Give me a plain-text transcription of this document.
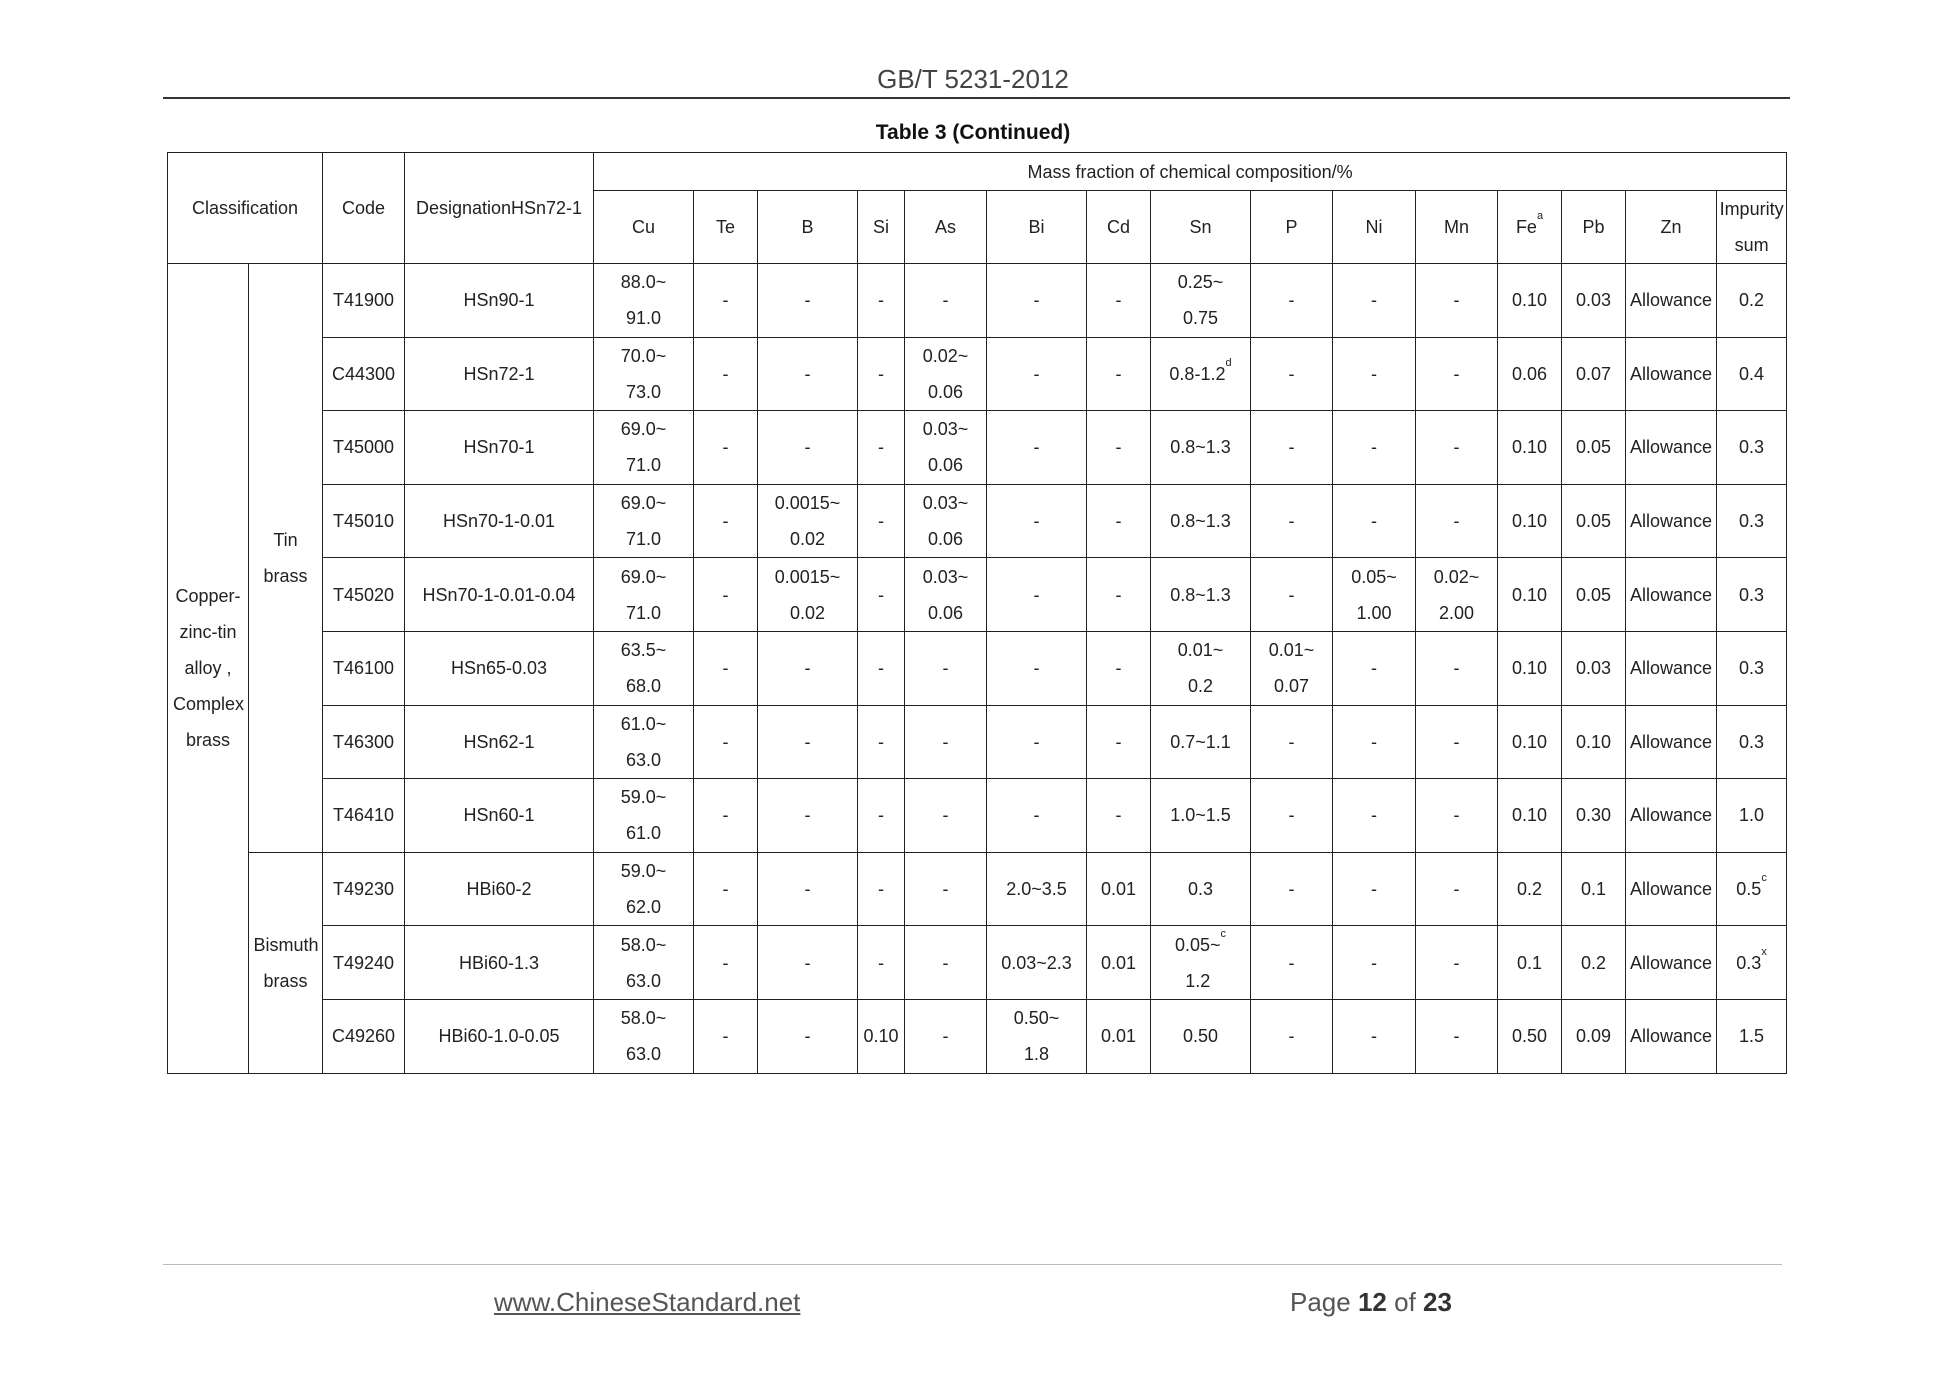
GB/T 5231-2012
Table 3 (Continued)
Classification		Code	DesignationHSn72-1	Mass fraction of chemical composition/%														
				Cu	Te	B	Si	As	Bi	Cd	Sn	P	Ni	Mn	Fe$^a$	Pb	Zn	Impurity sum
Copper-zinc-tin alloy , Complex brass	Tin brass	T41900	HSn90-1	88.0~
91.0	-	-	-	-	-	-	0.25~
0.75	-	-	-	0.10	0.03	Allowance	0.2
		C44300	HSn72-1	70.0~
73.0	-	-	-	0.02~
0.06	-	-	0.8-1.2$^d$	-	-	-	0.06	0.07	Allowance	0.4
		T45000	HSn70-1	69.0~
71.0	-	-	-	0.03~
0.06	-	-	0.8~1.3	-	-	-	0.10	0.05	Allowance	0.3
		T45010	HSn70-1-0.01	69.0~
71.0	-	0.0015~
0.02	-	0.03~
0.06	-	-	0.8~1.3	-	-	-	0.10	0.05	Allowance	0.3
		T45020	HSn70-1-0.01-0.04	69.0~
71.0	-	0.0015~
0.02	-	0.03~
0.06	-	-	0.8~1.3	-	0.05~
1.00	0.02~
2.00	0.10	0.05	Allowance	0.3
		T46100	HSn65-0.03	63.5~
68.0	-	-	-	-	-	-	0.01~
0.2	0.01~
0.07	-	-	0.10	0.03	Allowance	0.3
		T46300	HSn62-1	61.0~
63.0	-	-	-	-	-	-	0.7~1.1	-	-	-	0.10	0.10	Allowance	0.3
		T46410	HSn60-1	59.0~
61.0	-	-	-	-	-	-	1.0~1.5	-	-	-	0.10	0.30	Allowance	1.0
	Bismuth brass	T49230	HBi60-2	59.0~
62.0	-	-	-	-	2.0~3.5	0.01	0.3	-	-	-	0.2	0.1	Allowance	0.5$^c$
		T49240	HBi60-1.3	58.0~
63.0	-	-	-	-	0.03~2.3	0.01	0.05~
1.2$^c$	-	-	-	0.1	0.2	Allowance	0.3$^x$
		C49260	HBi60-1.0-0.05	58.0~
63.0	-	-	0.10	-	0.50~
1.8	0.01	0.50	-	-	-	0.50	0.09	Allowance	1.5
www.ChineseStandard.net	Page 12 of 23
